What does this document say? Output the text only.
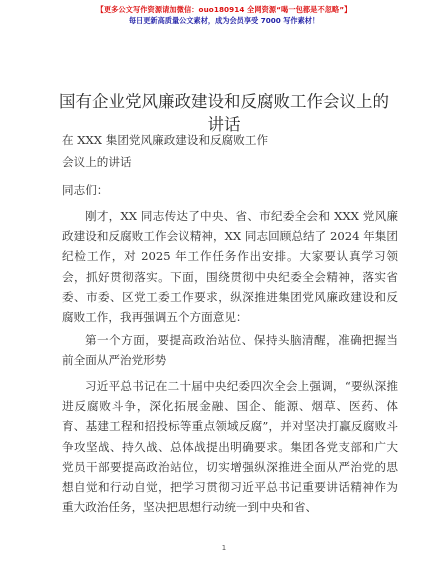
【更多公文写作资源请加微信：ouo180914 全网资源“喝一包都是不忽略”】
每日更新高质量公文素材，成为会员享受 7000 写作素材！
国有企业党风廉政建设和反腐败工作会议上的
讲话
在 XXX 集团党风廉政建设和反腐败工作
会议上的讲话
同志们：
刚才，XX 同志传达了中央、省、市纪委全会和 XXX 党风廉政建设和反腐败工作会议精神，XX 同志回顾总结了 2024 年集团纪检工作，对 2025 年工作任务作出安排。大家要认真学习领会，抓好贯彻落实。下面，围绕贯彻中央纪委全会精神，落实省委、市委、区党工委工作要求，纵深推进集团党风廉政建设和反腐败工作，我再强调五个方面意见：
第一个方面，要提高政治站位、保持头脑清醒，准确把握当前全面从严治党形势
习近平总书记在二十届中央纪委四次全会上强调，“要纵深推进反腐败斗争，深化拓展金融、国企、能源、烟草、医药、体育、基建工程和招投标等重点领域反腐”，并对坚决打赢反腐败斗争攻坚战、持久战、总体战提出明确要求。集团各党支部和广大党员干部要提高政治站位，切实增强纵深推进全面从严治党的思想自觉和行动自觉，把学习贯彻习近平总书记重要讲话精神作为重大政治任务，坚决把思想行动统一到中央和省、
1
